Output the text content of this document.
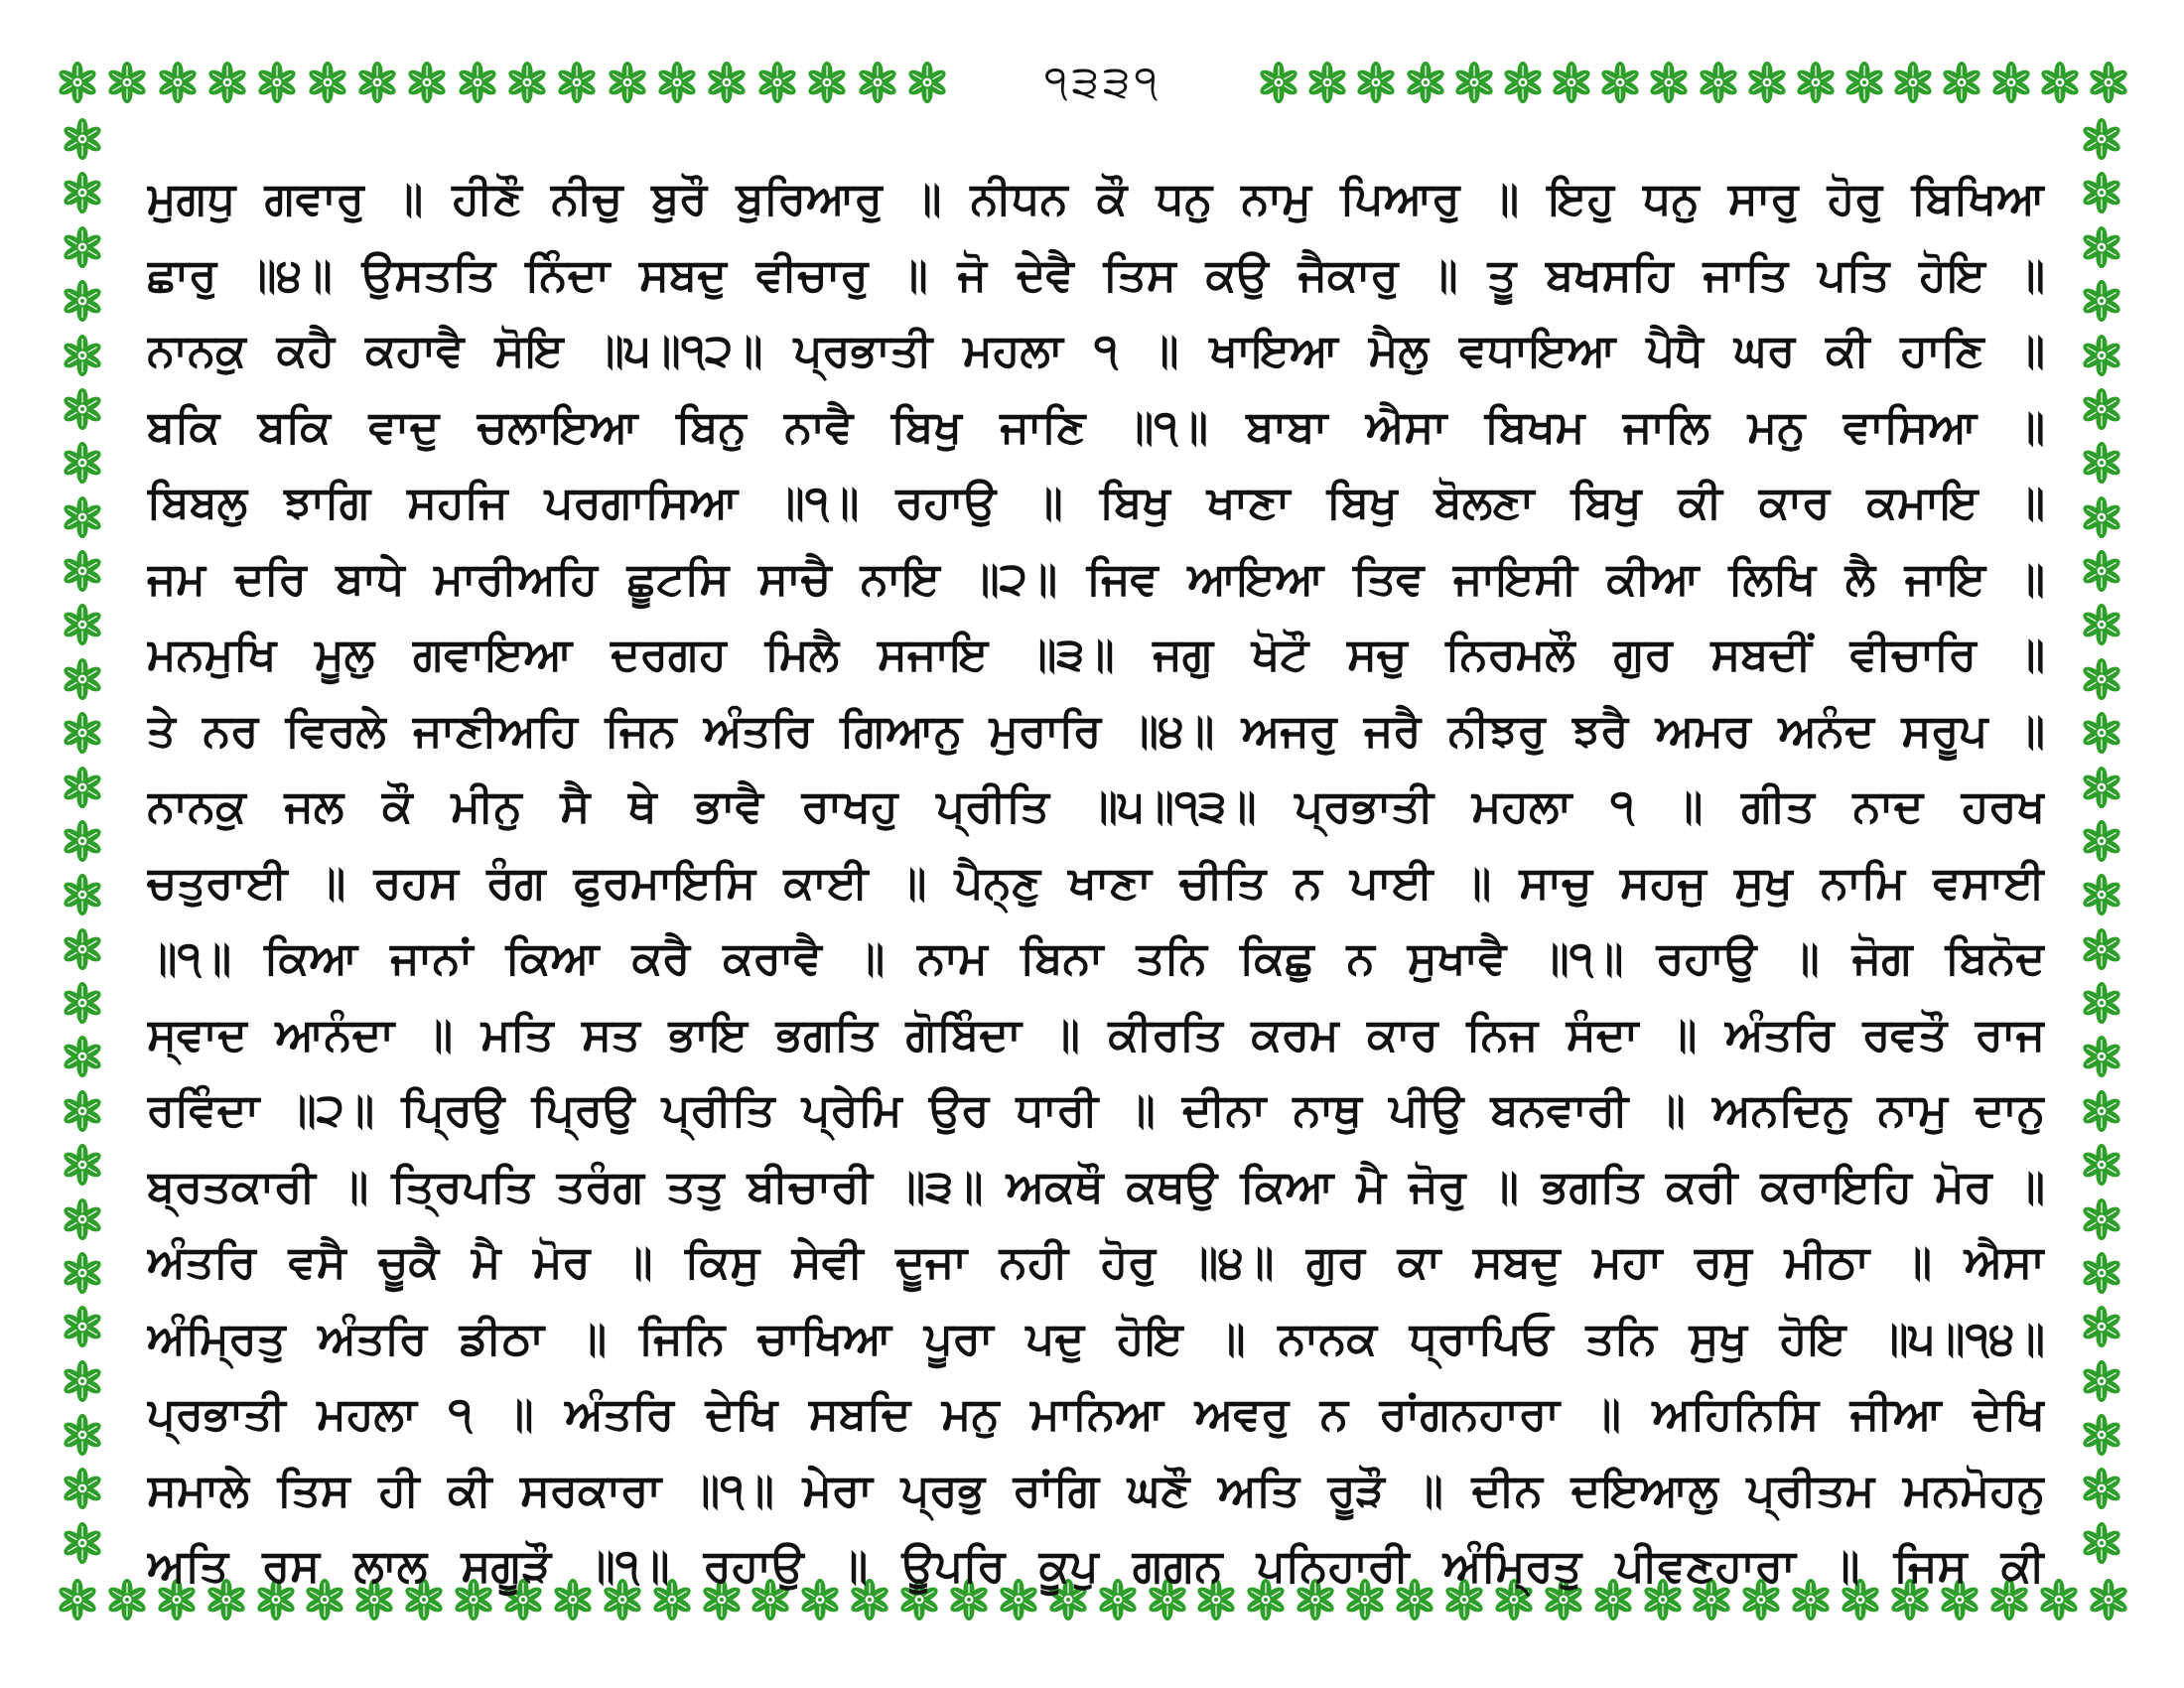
੧੩੩੧
ਮੁਗਧੁ ਗਵਾਰੁ ॥ ਹੀਣੌ ਨੀਚੁ ਬੁਰੌ ਬੁਰਿਆਰੁ ॥ ਨੀਧਨ ਕੌ ਧਨੁ ਨਾਮੁ ਪਿਆਰੁ ॥ ਇਹੁ ਧਨੁ ਸਾਰੁ ਹੋਰੁ ਬਿਖਿਆ
ਛਾਰੁ ॥੪॥ ਉਸਤਤਿ ਨਿੰਦਾ ਸਬਦੁ ਵੀਚਾਰੁ ॥ ਜੋ ਦੇਵੈ ਤਿਸ ਕਉ ਜੈਕਾਰੁ ॥ ਤੂ ਬਖਸਹਿ ਜਾਤਿ ਪਤਿ ਹੋਇ ॥
ਨਾਨਕੁ ਕਹੈ ਕਹਾਵੈ ਸੋਇ ॥੫॥੧੨॥ ਪ੍ਰਭਾਤੀ ਮਹਲਾ ੧ ॥ ਖਾਇਆ ਮੈਲੁ ਵਧਾਇਆ ਪੈਧੈ ਘਰ ਕੀ ਹਾਣਿ ॥
ਬਕਿ ਬਕਿ ਵਾਦੁ ਚਲਾਇਆ ਬਿਨੁ ਨਾਵੈ ਬਿਖੁ ਜਾਣਿ ॥੧॥ ਬਾਬਾ ਐਸਾ ਬਿਖਮ ਜਾਲਿ ਮਨੁ ਵਾਸਿਆ ॥
ਬਿਬਲੁ ਝਾਗਿ ਸਹਜਿ ਪਰਗਾਸਿਆ ॥੧॥ ਰਹਾਉ ॥ ਬਿਖੁ ਖਾਣਾ ਬਿਖੁ ਬੋਲਣਾ ਬਿਖੁ ਕੀ ਕਾਰ ਕਮਾਇ ॥
ਜਮ ਦਰਿ ਬਾਧੇ ਮਾਰੀਅਹਿ ਛੂਟਸਿ ਸਾਚੈ ਨਾਇ ॥੨॥ ਜਿਵ ਆਇਆ ਤਿਵ ਜਾਇਸੀ ਕੀਆ ਲਿਖਿ ਲੈ ਜਾਇ ॥
ਮਨਮੁਖਿ ਮੂਲੁ ਗਵਾਇਆ ਦਰਗਹ ਮਿਲੈ ਸਜਾਇ ॥੩॥ ਜਗੁ ਖੋਟੌ ਸਚੁ ਨਿਰਮਲੌ ਗੁਰ ਸਬਦੀਂ ਵੀਚਾਰਿ ॥
ਤੇ ਨਰ ਵਿਰਲੇ ਜਾਣੀਅਹਿ ਜਿਨ ਅੰਤਰਿ ਗਿਆਨੁ ਮੁਰਾਰਿ ॥੪॥ ਅਜਰੁ ਜਰੈ ਨੀਝਰੁ ਝਰੈ ਅਮਰ ਅਨੰਦ ਸਰੂਪ ॥
ਨਾਨਕੁ ਜਲ ਕੌ ਮੀਨੁ ਸੈ ਥੇ ਭਾਵੈ ਰਾਖਹੁ ਪ੍ਰੀਤਿ ॥੫॥੧੩॥ ਪ੍ਰਭਾਤੀ ਮਹਲਾ ੧ ॥ ਗੀਤ ਨਾਦ ਹਰਖ
ਚਤੁਰਾਈ ॥ ਰਹਸ ਰੰਗ ਫੁਰਮਾਇਸਿ ਕਾਈ ॥ ਪੈਨ੍ਣੁ ਖਾਣਾ ਚੀਤਿ ਨ ਪਾਈ ॥ ਸਾਚੁ ਸਹਜੁ ਸੁਖੁ ਨਾਮਿ ਵਸਾਈ
॥੧॥ ਕਿਆ ਜਾਨਾਂ ਕਿਆ ਕਰੈ ਕਰਾਵੈ ॥ ਨਾਮ ਬਿਨਾ ਤਨਿ ਕਿਛੁ ਨ ਸੁਖਾਵੈ ॥੧॥ ਰਹਾਉ ॥ ਜੋਗ ਬਿਨੋਦ
ਸ੍ਵਾਦ ਆਨੰਦਾ ॥ ਮਤਿ ਸਤ ਭਾਇ ਭਗਤਿ ਗੋਬਿੰਦਾ ॥ ਕੀਰਤਿ ਕਰਮ ਕਾਰ ਨਿਜ ਸੰਦਾ ॥ ਅੰਤਰਿ ਰਵਤੌ ਰਾਜ
ਰਵਿੰਦਾ ॥੨॥ ਪ੍ਰਿਉ ਪ੍ਰਿਉ ਪ੍ਰੀਤਿ ਪ੍ਰੇਮਿ ਉਰ ਧਾਰੀ ॥ ਦੀਨਾ ਨਾਥੁ ਪੀਉ ਬਨਵਾਰੀ ॥ ਅਨਦਿਨੁ ਨਾਮੁ ਦਾਨੁ
ਬ੍ਰਤਕਾਰੀ ॥ ਤ੍ਰਿਪਤਿ ਤਰੰਗ ਤਤੁ ਬੀਚਾਰੀ ॥੩॥ ਅਕਥੌ ਕਥਉ ਕਿਆ ਮੈ ਜੋਰੁ ॥ ਭਗਤਿ ਕਰੀ ਕਰਾਇਹਿ ਮੋਰ ॥
ਅੰਤਰਿ ਵਸੈ ਚੂਕੈ ਮੈ ਮੋਰ ॥ ਕਿਸੁ ਸੇਵੀ ਦੂਜਾ ਨਹੀ ਹੋਰੁ ॥੪॥ ਗੁਰ ਕਾ ਸਬਦੁ ਮਹਾ ਰਸੁ ਮੀਠਾ ॥ ਐਸਾ
ਅੰਮ੍ਰਿਤੁ ਅੰਤਰਿ ਡੀਠਾ ॥ ਜਿਨਿ ਚਾਖਿਆ ਪੂਰਾ ਪਦੁ ਹੋਇ ॥ ਨਾਨਕ ਧ੍ਰਾਪਿਓ ਤਨਿ ਸੁਖੁ ਹੋਇ ॥੫॥੧੪॥
ਪ੍ਰਭਾਤੀ ਮਹਲਾ ੧ ॥ ਅੰਤਰਿ ਦੇਖਿ ਸਬਦਿ ਮਨੁ ਮਾਨਿਆ ਅਵਰੁ ਨ ਰਾਂਗਨਹਾਰਾ ॥ ਅਹਿਨਿਸਿ ਜੀਆ ਦੇਖਿ
ਸਮਾਲੇ ਤਿਸ ਹੀ ਕੀ ਸਰਕਾਰਾ ॥੧॥ ਮੇਰਾ ਪ੍ਰਭੁ ਰਾਂਗਿ ਘਣੌ ਅਤਿ ਰੂੜੌ ॥ ਦੀਨ ਦਇਆਲੁ ਪ੍ਰੀਤਮ ਮਨਮੋਹਨੁ
ਅਤਿ ਰਸ ਲਾਲ ਸਗੂੜੌ ॥੧॥ ਰਹਾਉ ॥ ਊਪਰਿ ਕੂਪੁ ਗਗਨ ਪਨਿਹਾਰੀ ਅੰਮ੍ਰਿਤੁ ਪੀਵਣਹਾਰਾ ॥ ਜਿਸ ਕੀ
